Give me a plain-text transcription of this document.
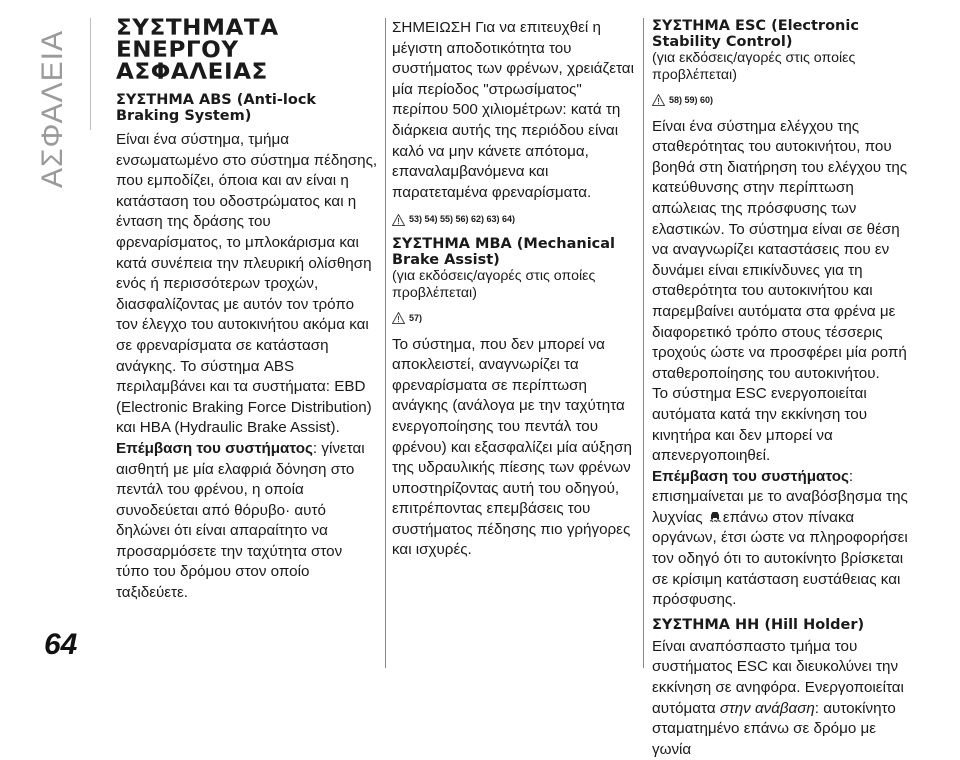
ΑΣΦΑΛΕΙΑ
64
ΣΥΣΤΗΜΑΤΑ ΕΝΕΡΓΟΥ ΑΣΦΑΛΕΙΑΣ
ΣΥΣΤΗΜΑ ABS (Anti-lock Braking System)

Είναι ένα σύστημα, τμήμα ενσωματωμένο στο σύστημα πέδησης, που εμποδίζει, όποια και αν είναι η κατάσταση του οδοστρώματος και η ένταση της δράσης του φρεναρίσματος, το μπλοκάρισμα και κατά συνέπεια την πλευρική ολίσθηση ενός ή περισσότερων τροχών, διασφαλίζοντας με αυτόν τον τρόπο τον έλεγχο του αυτοκινήτου ακόμα και σε φρεναρίσματα σε κατάσταση ανάγκης. Το σύστημα ABS περιλαμβάνει και τα συστήματα: EBD (Electronic Braking Force Distribution) και HBA (Hydraulic Brake Assist).

Επέμβαση του συστήματος: γίνεται αισθητή με μία ελαφριά δόνηση στο πεντάλ του φρένου, η οποία συνοδεύεται από θόρυβο· αυτό δηλώνει ότι είναι απαραίτητο να προσαρμόσετε την ταχύτητα στον τύπο του δρόμου στον οποίο ταξιδεύετε.

ΣΗΜΕΙΩΣΗ Για να επιτευχθεί η μέγιστη αποδοτικότητα του συστήματος των φρένων, χρειάζεται μία περίοδος "στρωσίματος" περίπου 500 χιλιομέτρων: κατά τη διάρκεια αυτής της περιόδου είναι καλό να μην κάνετε απότομα, επαναλαμβανόμενα και παρατεταμένα φρεναρίσματα.

53) 54) 55) 56) 62) 63) 64)
ΣΥΣΤΗΜΑ MBA (Mechanical Brake Assist)

(για εκδόσεις/αγορές στις οποίες προβλέπεται)

57)

Το σύστημα, που δεν μπορεί να αποκλειστεί, αναγνωρίζει τα φρεναρίσματα σε περίπτωση ανάγκης (ανάλογα με την ταχύτητα ενεργοποίησης του πεντάλ του φρένου) και εξασφαλίζει μία αύξηση της υδραυλικής πίεσης των φρένων υποστηρίζοντας αυτή του οδηγού, επιτρέποντας επεμβάσεις του συστήματος πέδησης πιο γρήγορες και ισχυρές.

ΣΥΣΤΗΜΑ ESC (Electronic Stability Control)

(για εκδόσεις/αγορές στις οποίες προβλέπεται)

58) 59) 60)

Είναι ένα σύστημα ελέγχου της σταθερότητας του αυτοκινήτου, που βοηθά στη διατήρηση του ελέγχου της κατεύθυνσης στην περίπτωση απώλειας της πρόσφυσης των ελαστικών. Το σύστημα είναι σε θέση να αναγνωρίζει καταστάσεις που εν δυνάμει είναι επικίνδυνες για τη σταθερότητα του αυτοκινήτου και παρεμβαίνει αυτόματα στα φρένα με διαφορετικό τρόπο στους τέσσερις τροχούς ώστε να προσφέρει μία ροπή σταθεροποίησης του αυτοκινήτου.

Το σύστημα ESC ενεργοποιείται αυτόματα κατά την εκκίνηση του κινητήρα και δεν μπορεί να απενεργοποιηθεί.

Επέμβαση του συστήματος:

επισημαίνεται με το αναβόσβησμα της λυχνίας επάνω στον πίνακα οργάνων, έτσι ώστε να πληροφορήσει τον οδηγό ότι το αυτοκίνητο βρίσκεται σε κρίσιμη κατάσταση ευστάθειας και πρόσφυσης.

ΣΥΣΤΗΜΑ HH (Hill Holder)

Είναι αναπόσπαστο τμήμα του συστήματος ESC και διευκολύνει την εκκίνηση σε ανηφόρα. Ενεργοποιείται αυτόματα στην ανάβαση: αυτοκίνητο σταματημένο επάνω σε δρόμο με γωνία
